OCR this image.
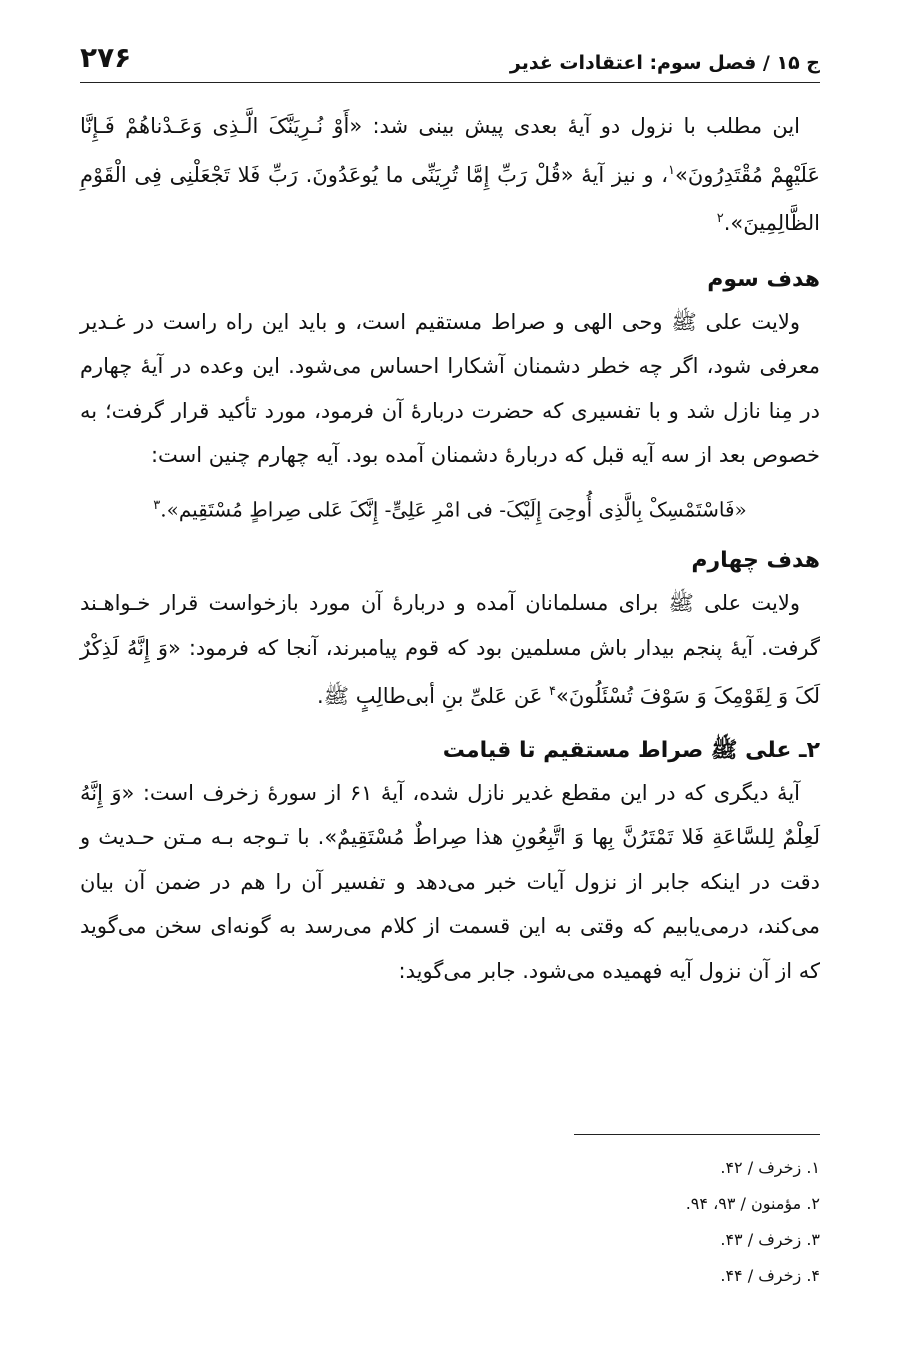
ج ۱۵ / فصل سوم: اعتقادات غدیر
۲۷۶

این مطلب با نزول دو آیهٔ بعدی پیش بینی شد: «أَوْ نُـرِیَنَّکَ الَّـذِی وَعَـدْناهُمْ فَـإِنَّا عَلَیْهِمْ مُقْتَدِرُونَ»$^۱$، و نیز آیهٔ «قُلْ رَبِّ إِمَّا تُرِیَنِّی ما یُوعَدُونَ. رَبِّ فَلا تَجْعَلْنِی فِی الْقَوْمِ الظَّالِمِینَ».$^۲$

هدف سوم

ولایت علی ﷺ وحی الهی و صراط مستقیم است، و باید این راه راست در غـدیر معرفی شود، اگر چه خطر دشمنان آشکارا احساس می‌شود. این وعده در آیهٔ چهارم در مِنا نازل شد و با تفسیری که حضرت دربارهٔ آن فرمود، مورد تأکید قرار گرفت؛ به خصوص بعد از سه آیه قبل که دربارهٔ دشمنان آمده بود. آیه چهارم چنین است:

«فَاسْتَمْسِکْ بِالَّذِی أُوحِیَ إِلَیْکَ- فی امْرِ عَلِیٍّ- إِنَّکَ عَلی صِراطٍ مُسْتَقِیم».$^۳$

هدف چهارم

ولایت علی ﷺ برای مسلمانان آمده و دربارهٔ آن مورد بازخواست قرار خـواهـند گرفت. آیهٔ پنجم بیدار باش مسلمین بود که قوم پیامبرند، آنجا که فرمود: «وَ إِنَّهُ لَذِکْرٌ لَکَ وَ لِقَوْمِکَ وَ سَوْفَ تُسْئَلُونَ»$^۴$ عَن عَلیِّ بنِ أبی‌طالِبٍ ﷺ.

۲ـ علی ﷺ صراط مستقیم تا قیامت

آیهٔ دیگری که در این مقطع غدیر نازل شده، آیهٔ ۶۱ از سورهٔ زخرف است: «وَ إِنَّهُ لَعِلْمٌ لِلسَّاعَةِ فَلا تَمْتَرُنَّ بِها وَ اتَّبِعُونِ هذا صِراطٌ مُسْتَقِیمٌ». با تـوجه بـه مـتن حـدیث و دقت در اینکه جابر از نزول آیات خبر می‌دهد و تفسیر آن را هم در ضمن آن بیان می‌کند، درمی‌یابیم که وقتی به این قسمت از کلام می‌رسد به گونه‌ای سخن می‌گوید که از آن نزول آیه فهمیده می‌شود. جابر می‌گوید:

۱. زخرف / ۴۲.

۲. مؤمنون / ۹۳، ۹۴.

۳. زخرف / ۴۳.

۴. زخرف / ۴۴.
